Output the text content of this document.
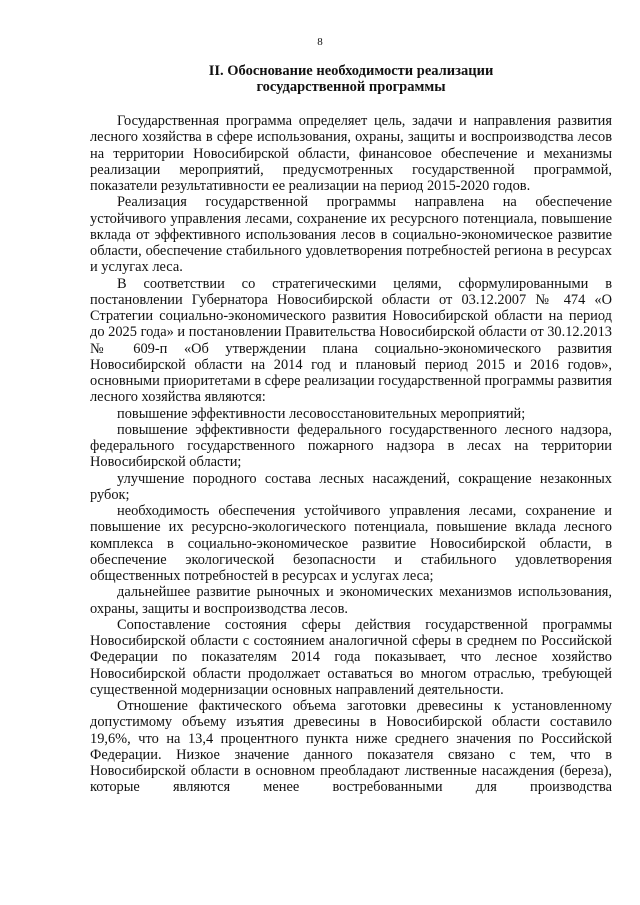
8
II. Обоснование необходимости реализации
государственной программы

Государственная программа определяет цель, задачи и направления развития лесного хозяйства в сфере использования, охраны, защиты и воспроизводства лесов на территории Новосибирской области, финансовое обеспечение и механизмы реализации мероприятий, предусмотренных государственной программой, показатели результативности ее реализации на период 2015-2020 годов.

Реализация государственной программы направлена на обеспечение устойчивого управления лесами, сохранение их ресурсного потенциала, повышение вклада от эффективного использования лесов в социально-экономическое развитие области, обеспечение стабильного удовлетворения потребностей региона в ресурсах и услугах леса.

В соответствии со стратегическими целями, сформулированными в постановлении Губернатора Новосибирской области от 03.12.2007 № 474 «О Стратегии социально-экономического развития Новосибирской области на период до 2025 года» и постановлении Правительства Новосибирской области от 30.12.2013 № 609-п «Об утверждении плана социально-экономического развития Новосибирской области на 2014 год и плановый период 2015 и 2016 годов», основными приоритетами в сфере реализации государственной программы развития лесного хозяйства являются:

повышение эффективности лесовосстановительных мероприятий;

повышение эффективности федерального государственного лесного надзора, федерального государственного пожарного надзора в лесах на территории Новосибирской области;

улучшение породного состава лесных насаждений, сокращение незаконных рубок;

необходимость обеспечения устойчивого управления лесами, сохранение и повышение их ресурсно-экологического потенциала, повышение вклада лесного комплекса в социально-экономическое развитие Новосибирской области, в обеспечение экологической безопасности и стабильного удовлетворения общественных потребностей в ресурсах и услугах леса;

дальнейшее развитие рыночных и экономических механизмов использования, охраны, защиты и воспроизводства лесов.

Сопоставление состояния сферы действия государственной программы Новосибирской области с состоянием аналогичной сферы в среднем по Российской Федерации по показателям 2014 года показывает, что лесное хозяйство Новосибирской области продолжает оставаться во многом отраслью, требующей существенной модернизации основных направлений деятельности.

Отношение фактического объема заготовки древесины к установленному допустимому объему изъятия древесины в Новосибирской области составило 19,6%, что на 13,4 процентного пункта ниже среднего значения по Российской Федерации. Низкое значение данного показателя связано с тем, что в Новосибирской области в основном преобладают лиственные насаждения (береза), которые являются менее востребованными для производства
